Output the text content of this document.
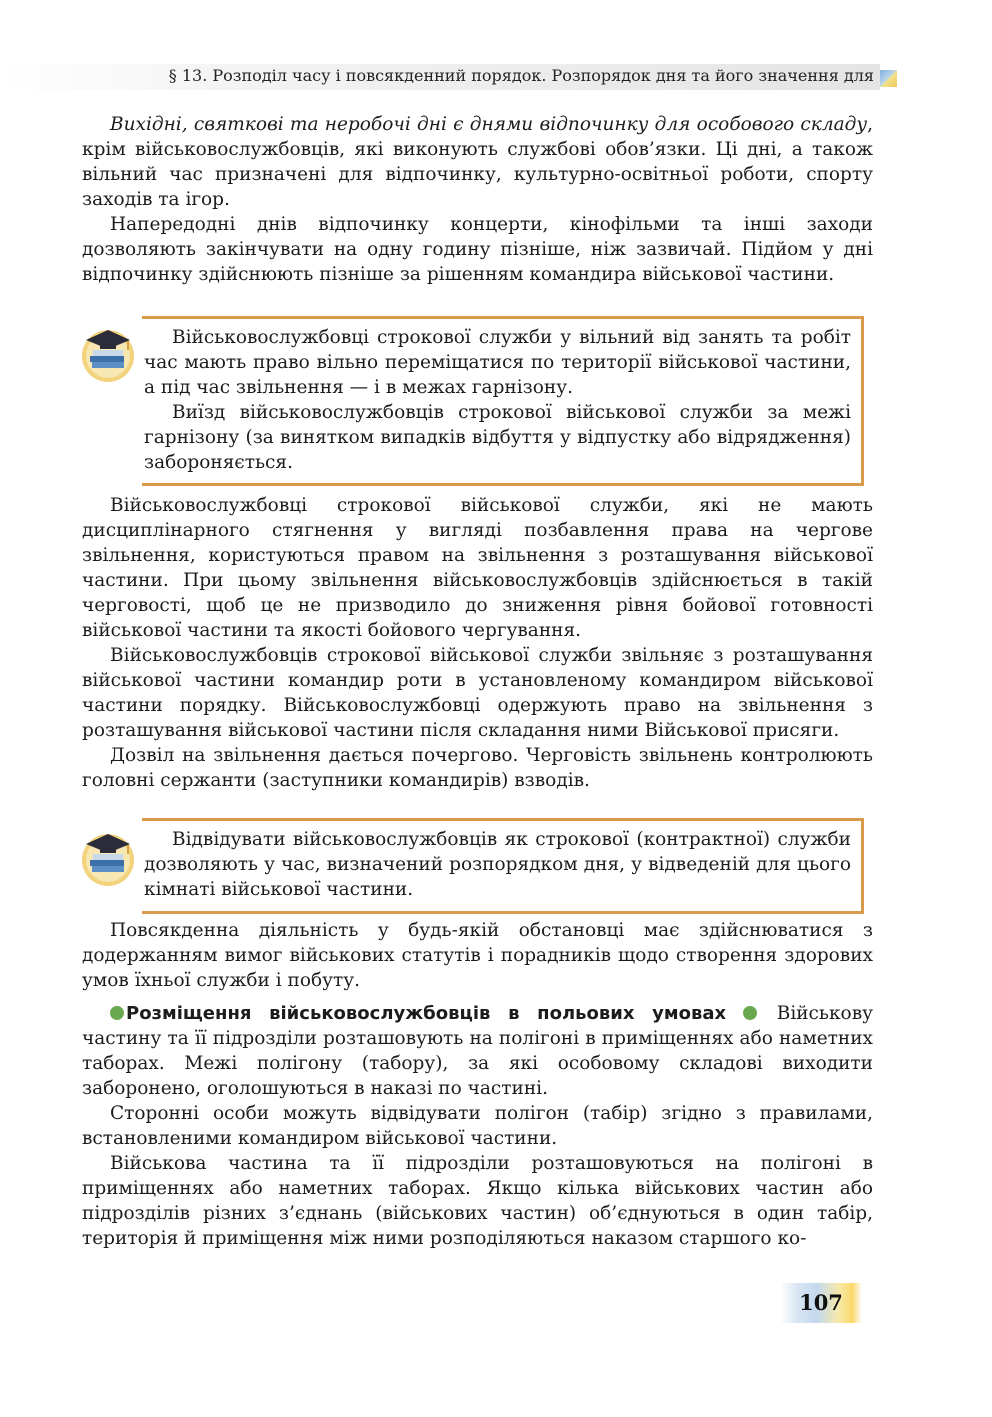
§ 13. Розподіл часу і повсякденний порядок. Розпорядок дня та його значення для

Вихідні, святкові та неробочі дні є днями відпочинку для особового складу, крім військовослужбовців, які виконують службові обов’язки. Ці дні, а також вільний час призначені для відпочинку, культурно-освітньої роботи, спорту заходів та ігор.

Напередодні днів відпочинку концерти, кінофільми та інші заходи дозволяють закінчувати на одну годину пізніше, ніж зазвичай. Підйом у дні відпочинку здійснюють пізніше за рішенням командира військової частини.

Військовослужбовці строкової служби у вільний від занять та робіт час мають право вільно переміщатися по території військової частини, а під час звільнення — і в межах гарнізону.

Виїзд військовослужбовців строкової військової служби за межі гарнізону (за винятком випадків відбуття у відпустку або відрядження) забороняється.

Військовослужбовці строкової військової служби, які не мають дисциплінарного стягнення у вигляді позбавлення права на чергове звільнення, користуються правом на звільнення з розташування військової частини. При цьому звільнення військовослужбовців здійснюється в такій черговості, щоб це не призводило до зниження рівня бойової готовності військової частини та якості бойового чергування.

Військовослужбовців строкової військової служби звільняє з розташування військової частини командир роти в установленому командиром військової частини порядку. Військовослужбовці одержують право на звільнення з розташування військової частини після складання ними Військової присяги.

Дозвіл на звільнення дається почергово. Черговість звільнень контролюють головні сержанти (заступники командирів) взводів.

Відвідувати військовослужбовців як строкової (контрактної) служби дозволяють у час, визначений розпорядком дня, у відведеній для цього кімнаті військової частини.

Повсякденна діяльність у будь-якій обстановці має здійснюватися з додержанням вимог військових статутів і порадників щодо створення здорових умов їхньої служби і побуту.

Розміщення військовослужбовців в польових умовах	Військову частину та її підрозділи розташовують на полігоні в приміщеннях або наметних таборах. Межі полігону (табору), за які особовому складові виходити заборонено, оголошуються в наказі по частині.

Сторонні особи можуть відвідувати полігон (табір) згідно з правилами, встановленими командиром військової частини.

Військова частина та її підрозділи розташовуються на полігоні в приміщеннях або наметних таборах. Якщо кілька військових частин або підрозділів різних з’єднань (військових частин) об’єднуються в один табір, територія й приміщення між ними розподіляються наказом старшого ко-

107
